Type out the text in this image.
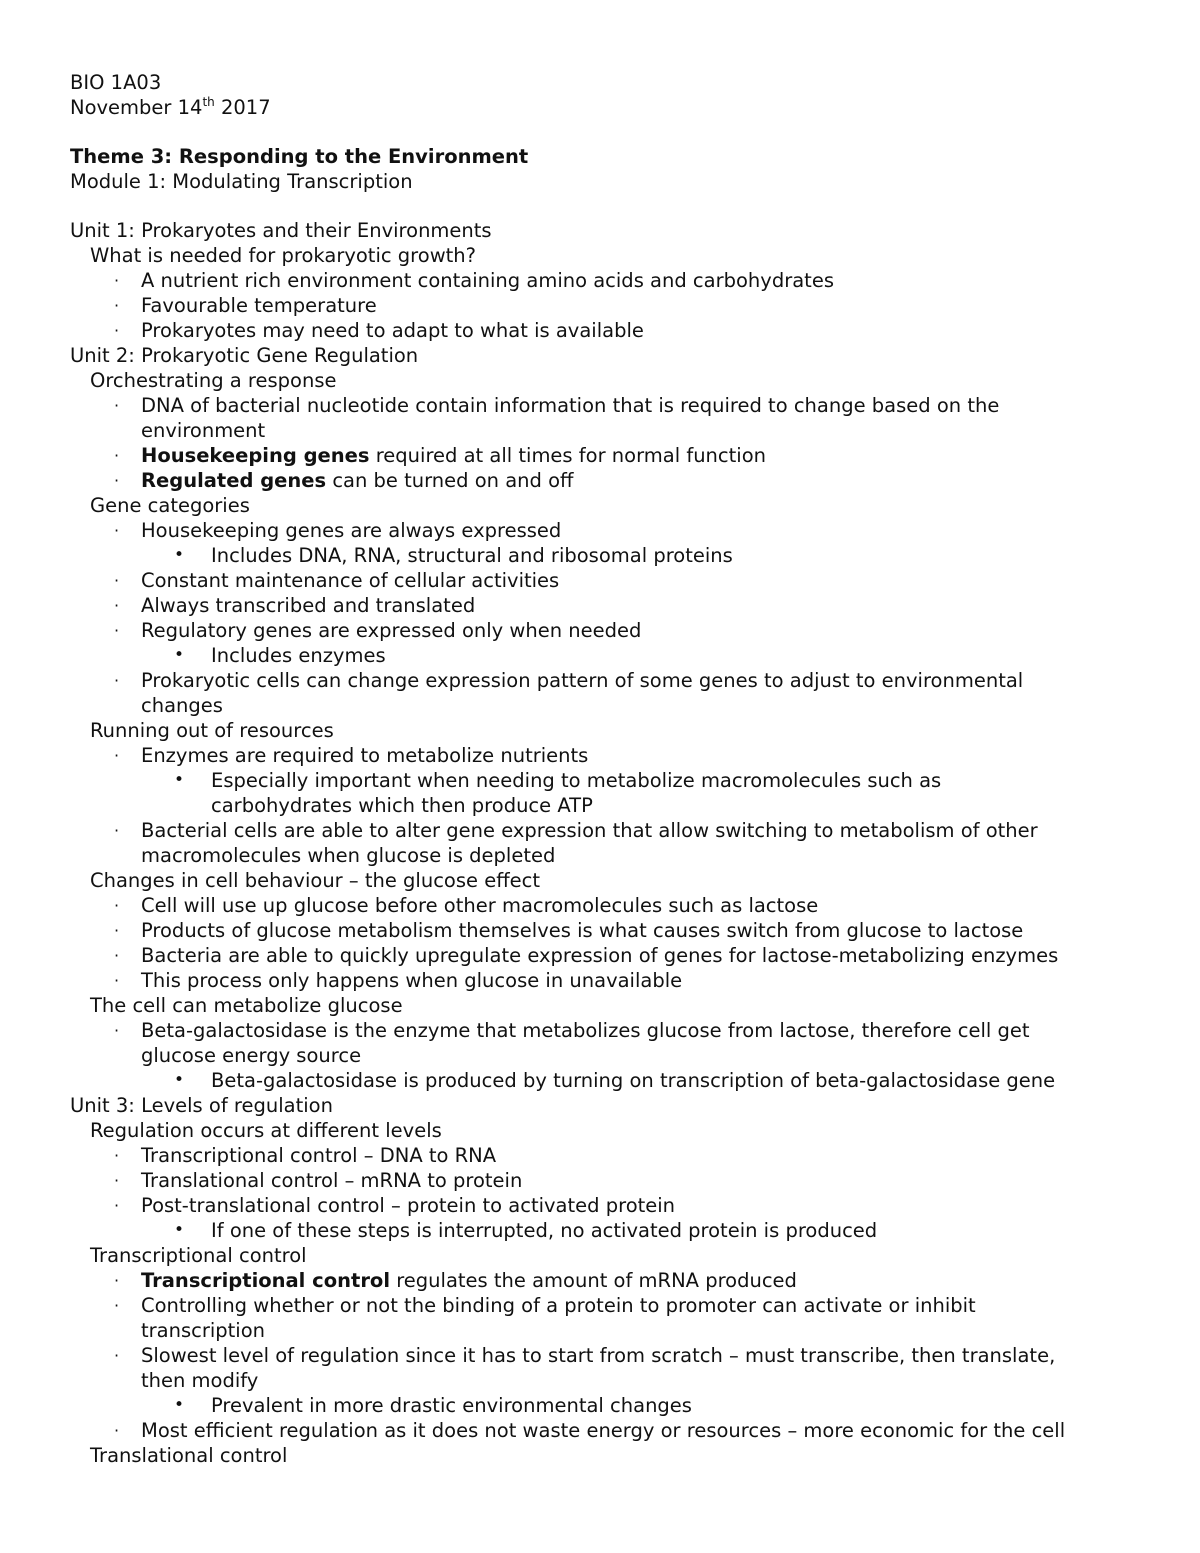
BIO 1A03
November 14th 2017
Theme 3: Responding to the Environment
Module 1: Modulating Transcription
Unit 1: Prokaryotes and their Environments
What is needed for prokaryotic growth?
· A nutrient rich environment containing amino acids and carbohydrates
· Favourable temperature
· Prokaryotes may need to adapt to what is available
Unit 2: Prokaryotic Gene Regulation
Orchestrating a response
· DNA of bacterial nucleotide contain information that is required to change based on the
environment
· Housekeeping genes required at all times for normal function
· Regulated genes can be turned on and off
Gene categories
· Housekeeping genes are always expressed
• Includes DNA, RNA, structural and ribosomal proteins
· Constant maintenance of cellular activities
· Always transcribed and translated
· Regulatory genes are expressed only when needed
• Includes enzymes
· Prokaryotic cells can change expression pattern of some genes to adjust to environmental
changes
Running out of resources
· Enzymes are required to metabolize nutrients
• Especially important when needing to metabolize macromolecules such as
carbohydrates which then produce ATP
· Bacterial cells are able to alter gene expression that allow switching to metabolism of other
macromolecules when glucose is depleted
Changes in cell behaviour – the glucose effect
· Cell will use up glucose before other macromolecules such as lactose
· Products of glucose metabolism themselves is what causes switch from glucose to lactose
· Bacteria are able to quickly upregulate expression of genes for lactose-metabolizing enzymes
· This process only happens when glucose in unavailable
The cell can metabolize glucose
· Beta-galactosidase is the enzyme that metabolizes glucose from lactose, therefore cell get
glucose energy source
• Beta-galactosidase is produced by turning on transcription of beta-galactosidase gene
Unit 3: Levels of regulation
Regulation occurs at different levels
· Transcriptional control – DNA to RNA
· Translational control – mRNA to protein
· Post-translational control – protein to activated protein
• If one of these steps is interrupted, no activated protein is produced
Transcriptional control
· Transcriptional control regulates the amount of mRNA produced
· Controlling whether or not the binding of a protein to promoter can activate or inhibit
transcription
· Slowest level of regulation since it has to start from scratch – must transcribe, then translate,
then modify
• Prevalent in more drastic environmental changes
· Most efficient regulation as it does not waste energy or resources – more economic for the cell
Translational control
